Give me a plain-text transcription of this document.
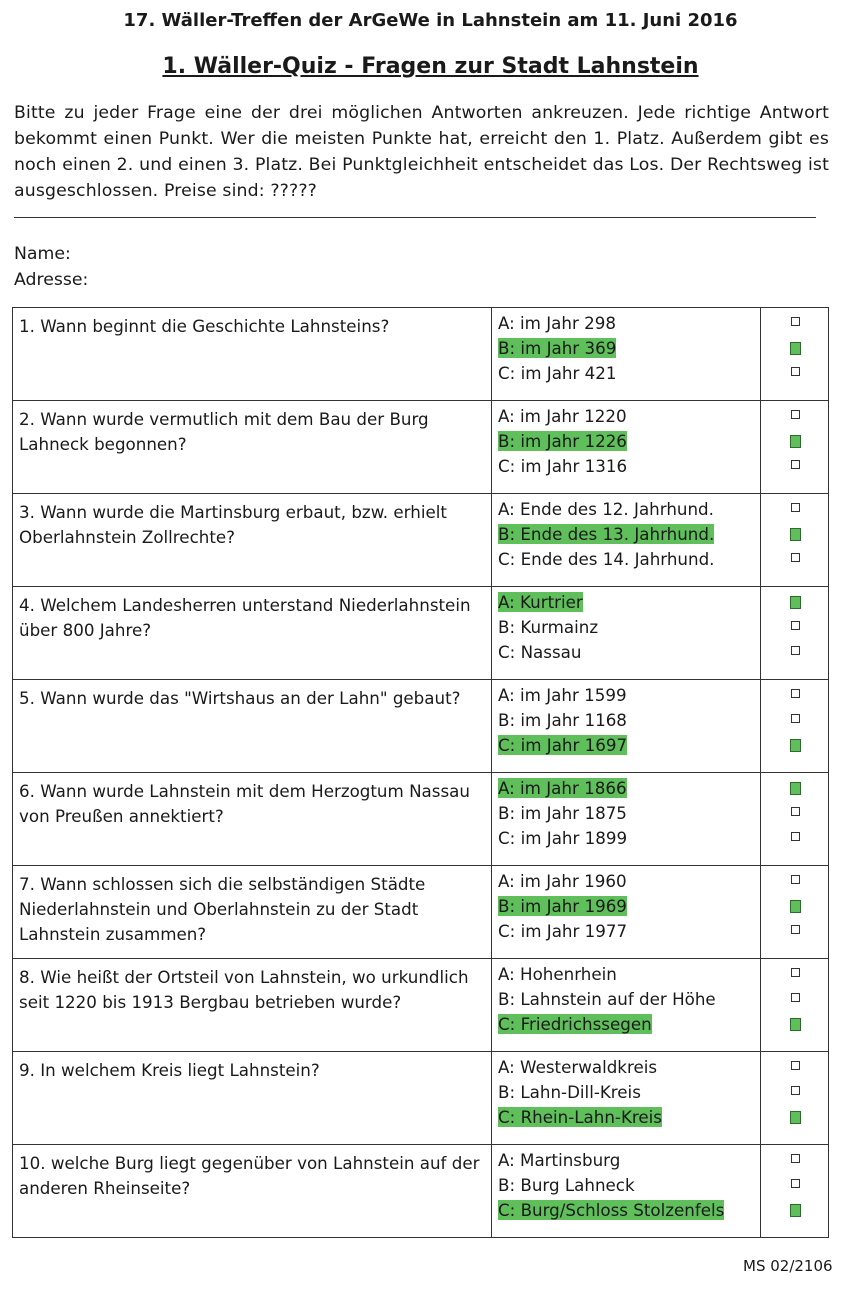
17. Wäller-Treffen der ArGeWe in Lahnstein am 11. Juni 2016
1. Wäller-Quiz - Fragen zur Stadt Lahnstein
Bitte zu jeder Frage eine der drei möglichen Antworten ankreuzen. Jede richtige Antwort bekommt einen Punkt. Wer die meisten Punkte hat, erreicht den 1. Platz. Außerdem gibt es noch einen 2. und einen 3. Platz. Bei Punktgleichheit entscheidet das Los. Der Rechtsweg ist ausgeschlossen. Preise sind: ?????
Name:
Adresse:
1. Wann beginnt die Geschichte Lahnsteins?	A: im Jahr 298
B: im Jahr 369
C: im Jahr 421	

2. Wann wurde vermutlich mit dem Bau der Burg Lahneck begonnen?	A: im Jahr 1220
B: im Jahr 1226
C: im Jahr 1316	

3. Wann wurde die Martinsburg erbaut, bzw. erhielt Oberlahnstein Zollrechte?	A: Ende des 12. Jahrhund.
B: Ende des 13. Jahrhund.
C: Ende des 14. Jahrhund.	

4. Welchem Landesherren unterstand Niederlahnstein über 800 Jahre?	A: Kurtrier
B: Kurmainz
C: Nassau	

5. Wann wurde das "Wirtshaus an der Lahn" gebaut?	A: im Jahr 1599
B: im Jahr 1168
C: im Jahr 1697	

6. Wann wurde Lahnstein mit dem Herzogtum Nassau von Preußen annektiert?	A: im Jahr 1866
B: im Jahr 1875
C: im Jahr 1899	

7. Wann schlossen sich die selbständigen Städte Niederlahnstein und Oberlahnstein zu der Stadt Lahnstein zusammen?	A: im Jahr 1960
B: im Jahr 1969
C: im Jahr 1977	

8. Wie heißt der Ortsteil von Lahnstein, wo urkundlich seit 1220 bis 1913 Bergbau betrieben wurde?	A: Hohenrhein
B: Lahnstein auf der Höhe
C: Friedrichssegen	

9. In welchem Kreis liegt Lahnstein?	A: Westerwaldkreis
B: Lahn-Dill-Kreis
C: Rhein-Lahn-Kreis	

10. welche Burg liegt gegenüber von Lahnstein auf der anderen Rheinseite?	A: Martinsburg
B: Burg Lahneck
C: Burg/Schloss Stolzenfels	

MS 02/2106
